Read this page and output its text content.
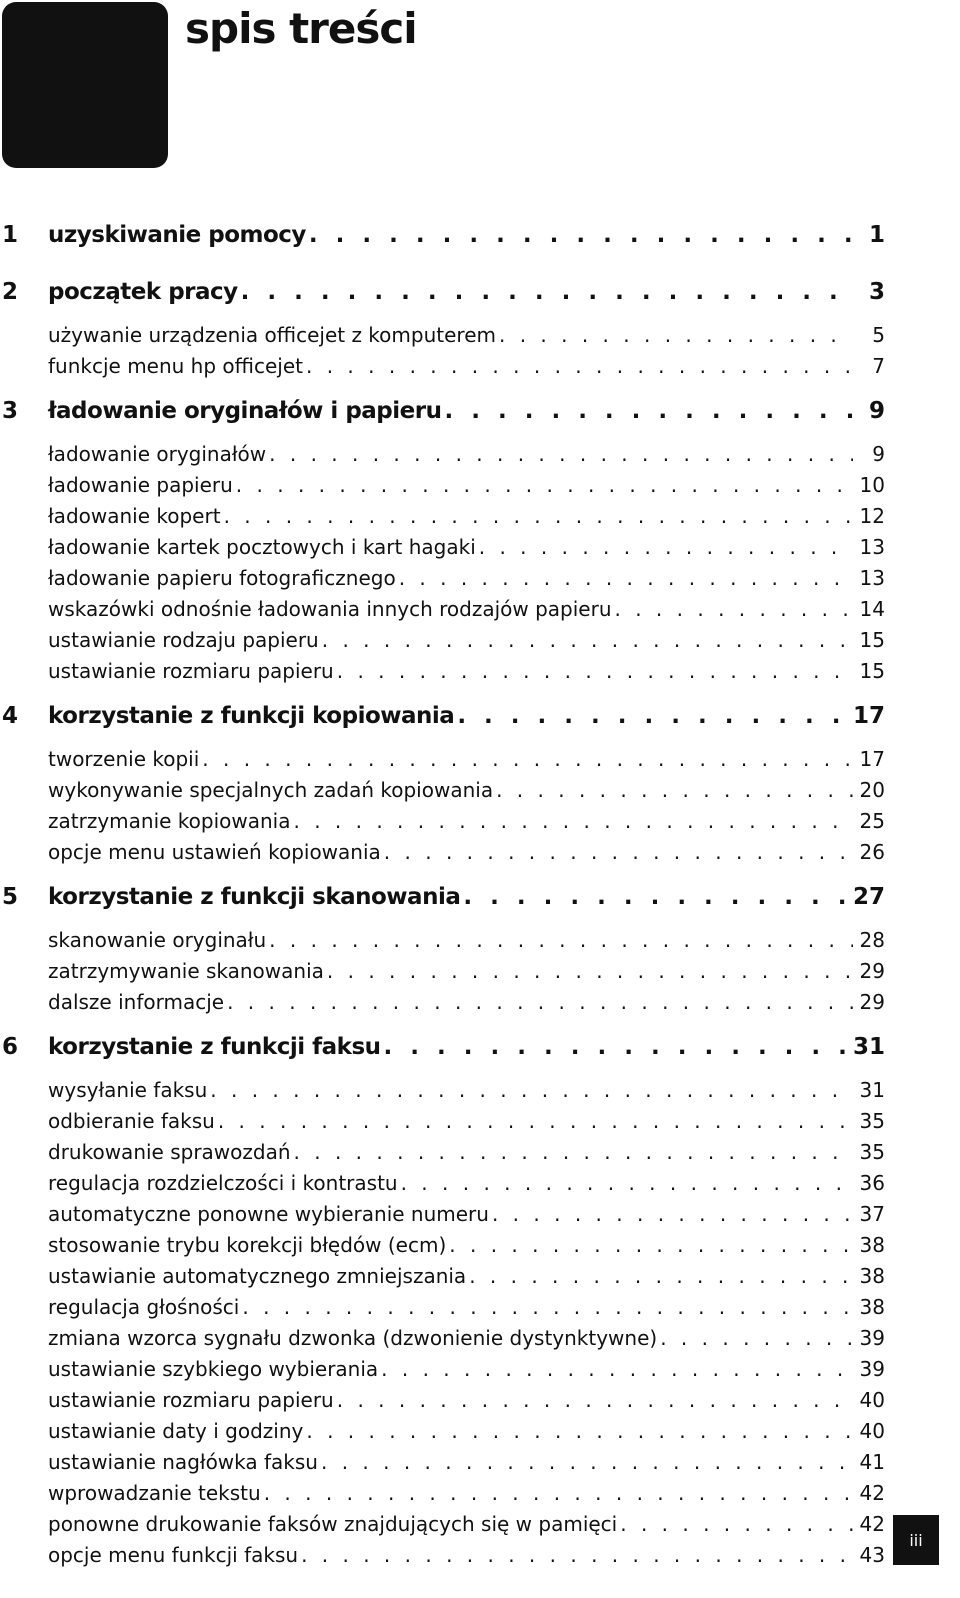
spis treści
1 uzyskiwanie pomocy . . .	1
2 początek pracy . . .	3
używanie urządzenia officejet z komputerem . . .	5
funkcje menu hp officejet . . .	7
3 ładowanie oryginałów i papieru . . .	9
ładowanie oryginałów . . .	9
ładowanie papieru . . .	10
ładowanie kopert . . .	12
ładowanie kartek pocztowych i kart hagaki . . .	13
ładowanie papieru fotograficznego . . .	13
wskazówki odnośnie ładowania innych rodzajów papieru . . .	14
ustawianie rodzaju papieru . . .	15
ustawianie rozmiaru papieru . . .	15
4 korzystanie z funkcji kopiowania . . .	17
tworzenie kopii . . .	17
wykonywanie specjalnych zadań kopiowania . . .	20
zatrzymanie kopiowania . . .	25
opcje menu ustawień kopiowania . . .	26
5 korzystanie z funkcji skanowania . . .	27
skanowanie oryginału . . .	28
zatrzymywanie skanowania . . .	29
dalsze informacje . . .	29
6 korzystanie z funkcji faksu . . .	31
wysyłanie faksu . . .	31
odbieranie faksu . . .	35
drukowanie sprawozdań . . .	35
regulacja rozdzielczości i kontrastu . . .	36
automatyczne ponowne wybieranie numeru . . .	37
stosowanie trybu korekcji błędów (ecm) . . .	38
ustawianie automatycznego zmniejszania . . .	38
regulacja głośności . . .	38
zmiana wzorca sygnału dzwonka (dzwonienie dystynktywne) . . .	39
ustawianie szybkiego wybierania . . .	39
ustawianie rozmiaru papieru . . .	40
ustawianie daty i godziny . . .	40
ustawianie nagłówka faksu . . .	41
wprowadzanie tekstu . . .	42
ponowne drukowanie faksów znajdujących się w pamięci . . .	42
opcje menu funkcji faksu . . .	43
iii
